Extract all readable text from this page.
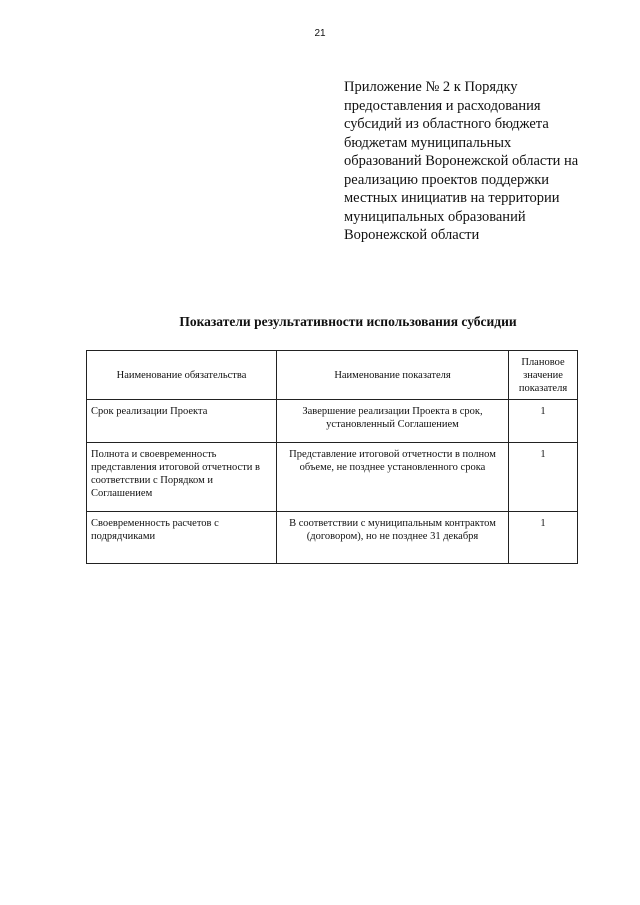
21

Приложение № 2 к Порядку
предоставления и расходования
субсидий из областного бюджета
бюджетам муниципальных
образований Воронежской области на
реализацию проектов поддержки
местных инициатив на территории
муниципальных образований
Воронежской области

Показатели результативности использования субсидии
Наименование обязательства	Наименование показателя	Плановое
значение
показателя
Срок реализации Проекта	Завершение реализации Проекта в срок, установленный Соглашением	1
Полнота и своевременность представления итоговой отчетности в соответствии с Порядком и Соглашением	Представление итоговой отчетности в полном объеме, не позднее установленного срока	1
Своевременность расчетов с подрядчиками	В соответствии с муниципальным контрактом (договором), но не позднее 31 декабря	1
